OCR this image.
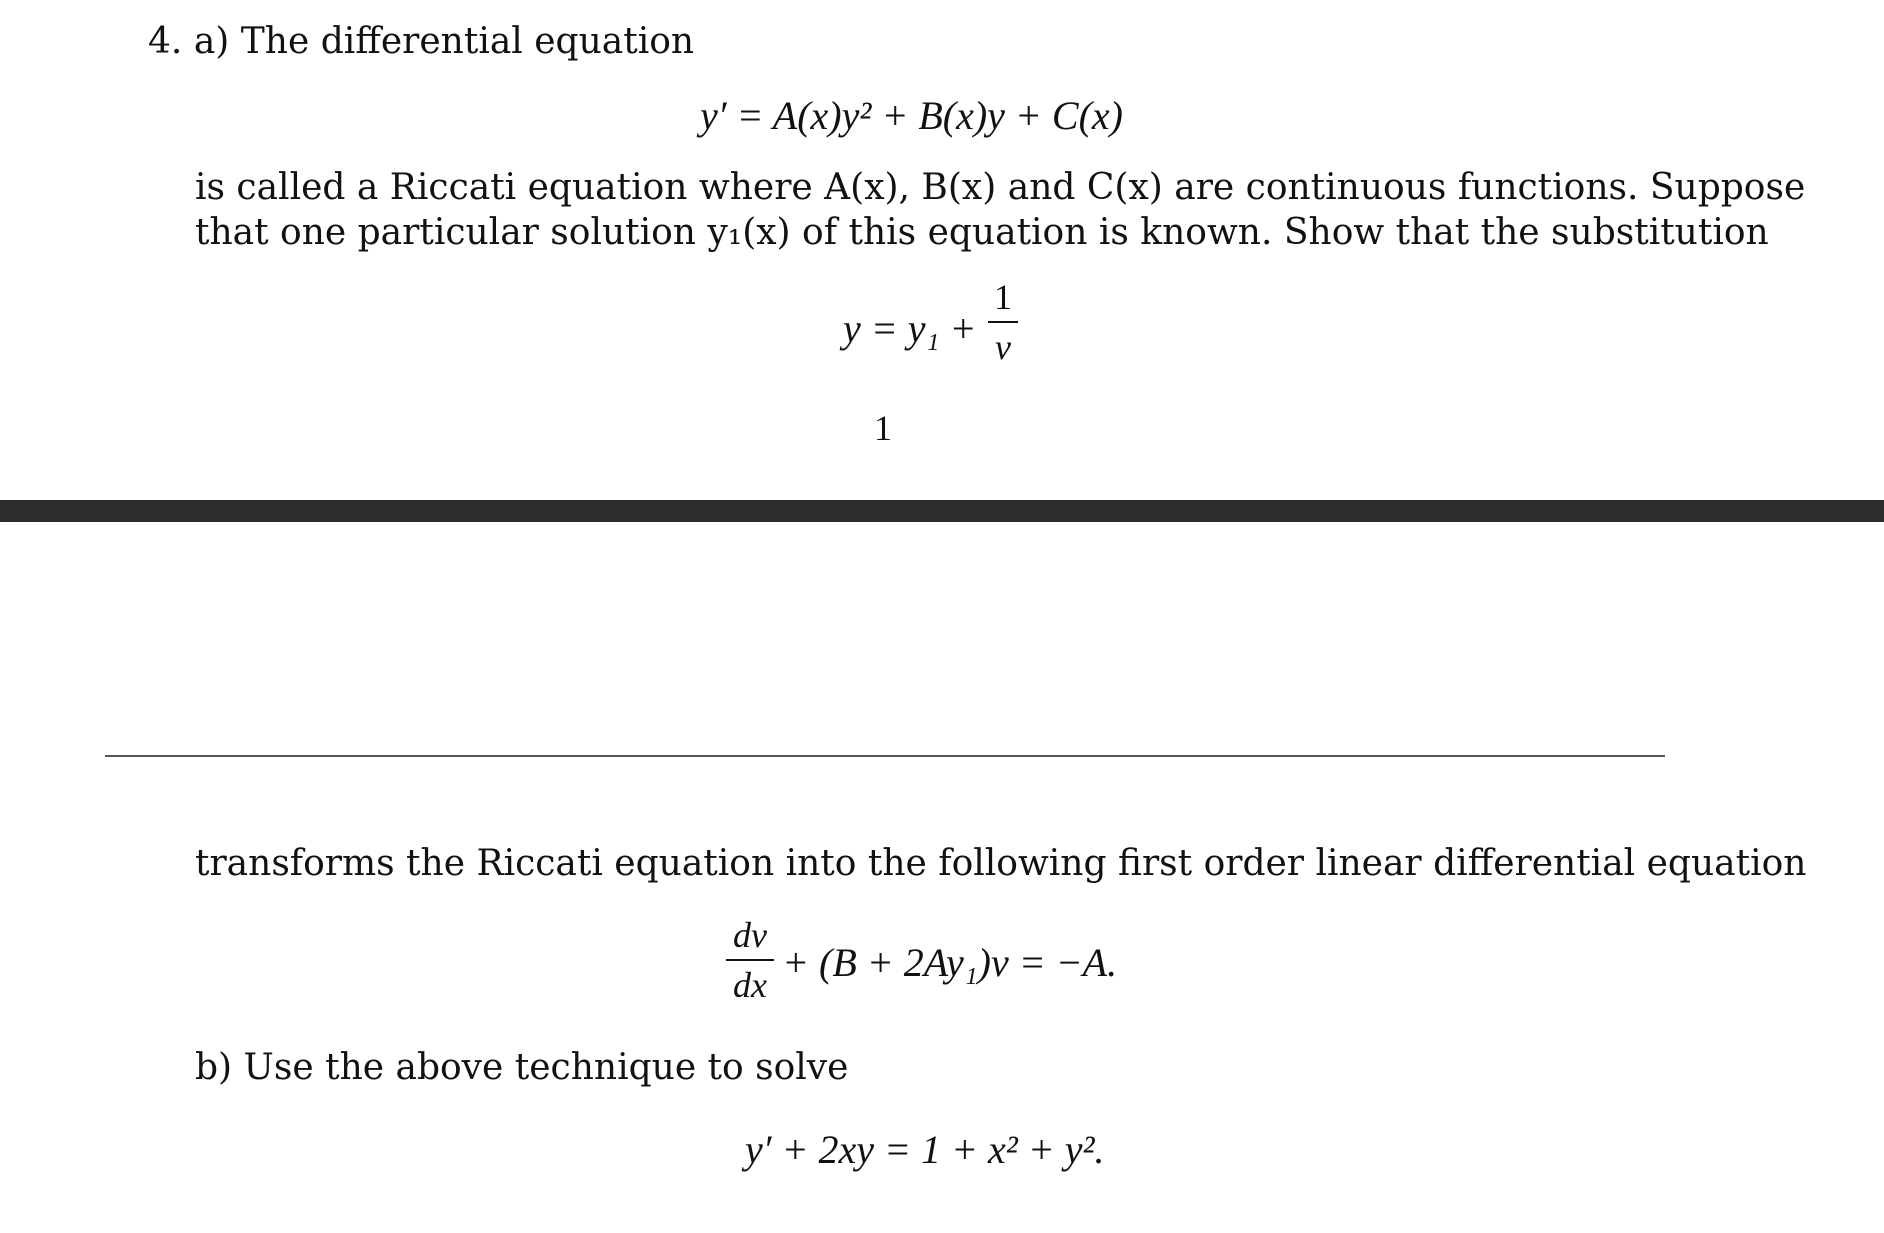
4. a) The differential equation
y′ = A(x)y² + B(x)y + C(x)
is called a Riccati equation where A(x), B(x) and C(x) are continuous functions. Suppose
that one particular solution y₁(x) of this equation is known. Show that the substitution
y = y₁ +
1
v
1
transforms the Riccati equation into the following first order linear differential equation
dv
dx + (B + 2Ay₁)v = −A.
b) Use the above technique to solve
y′ + 2xy = 1 + x² + y².
